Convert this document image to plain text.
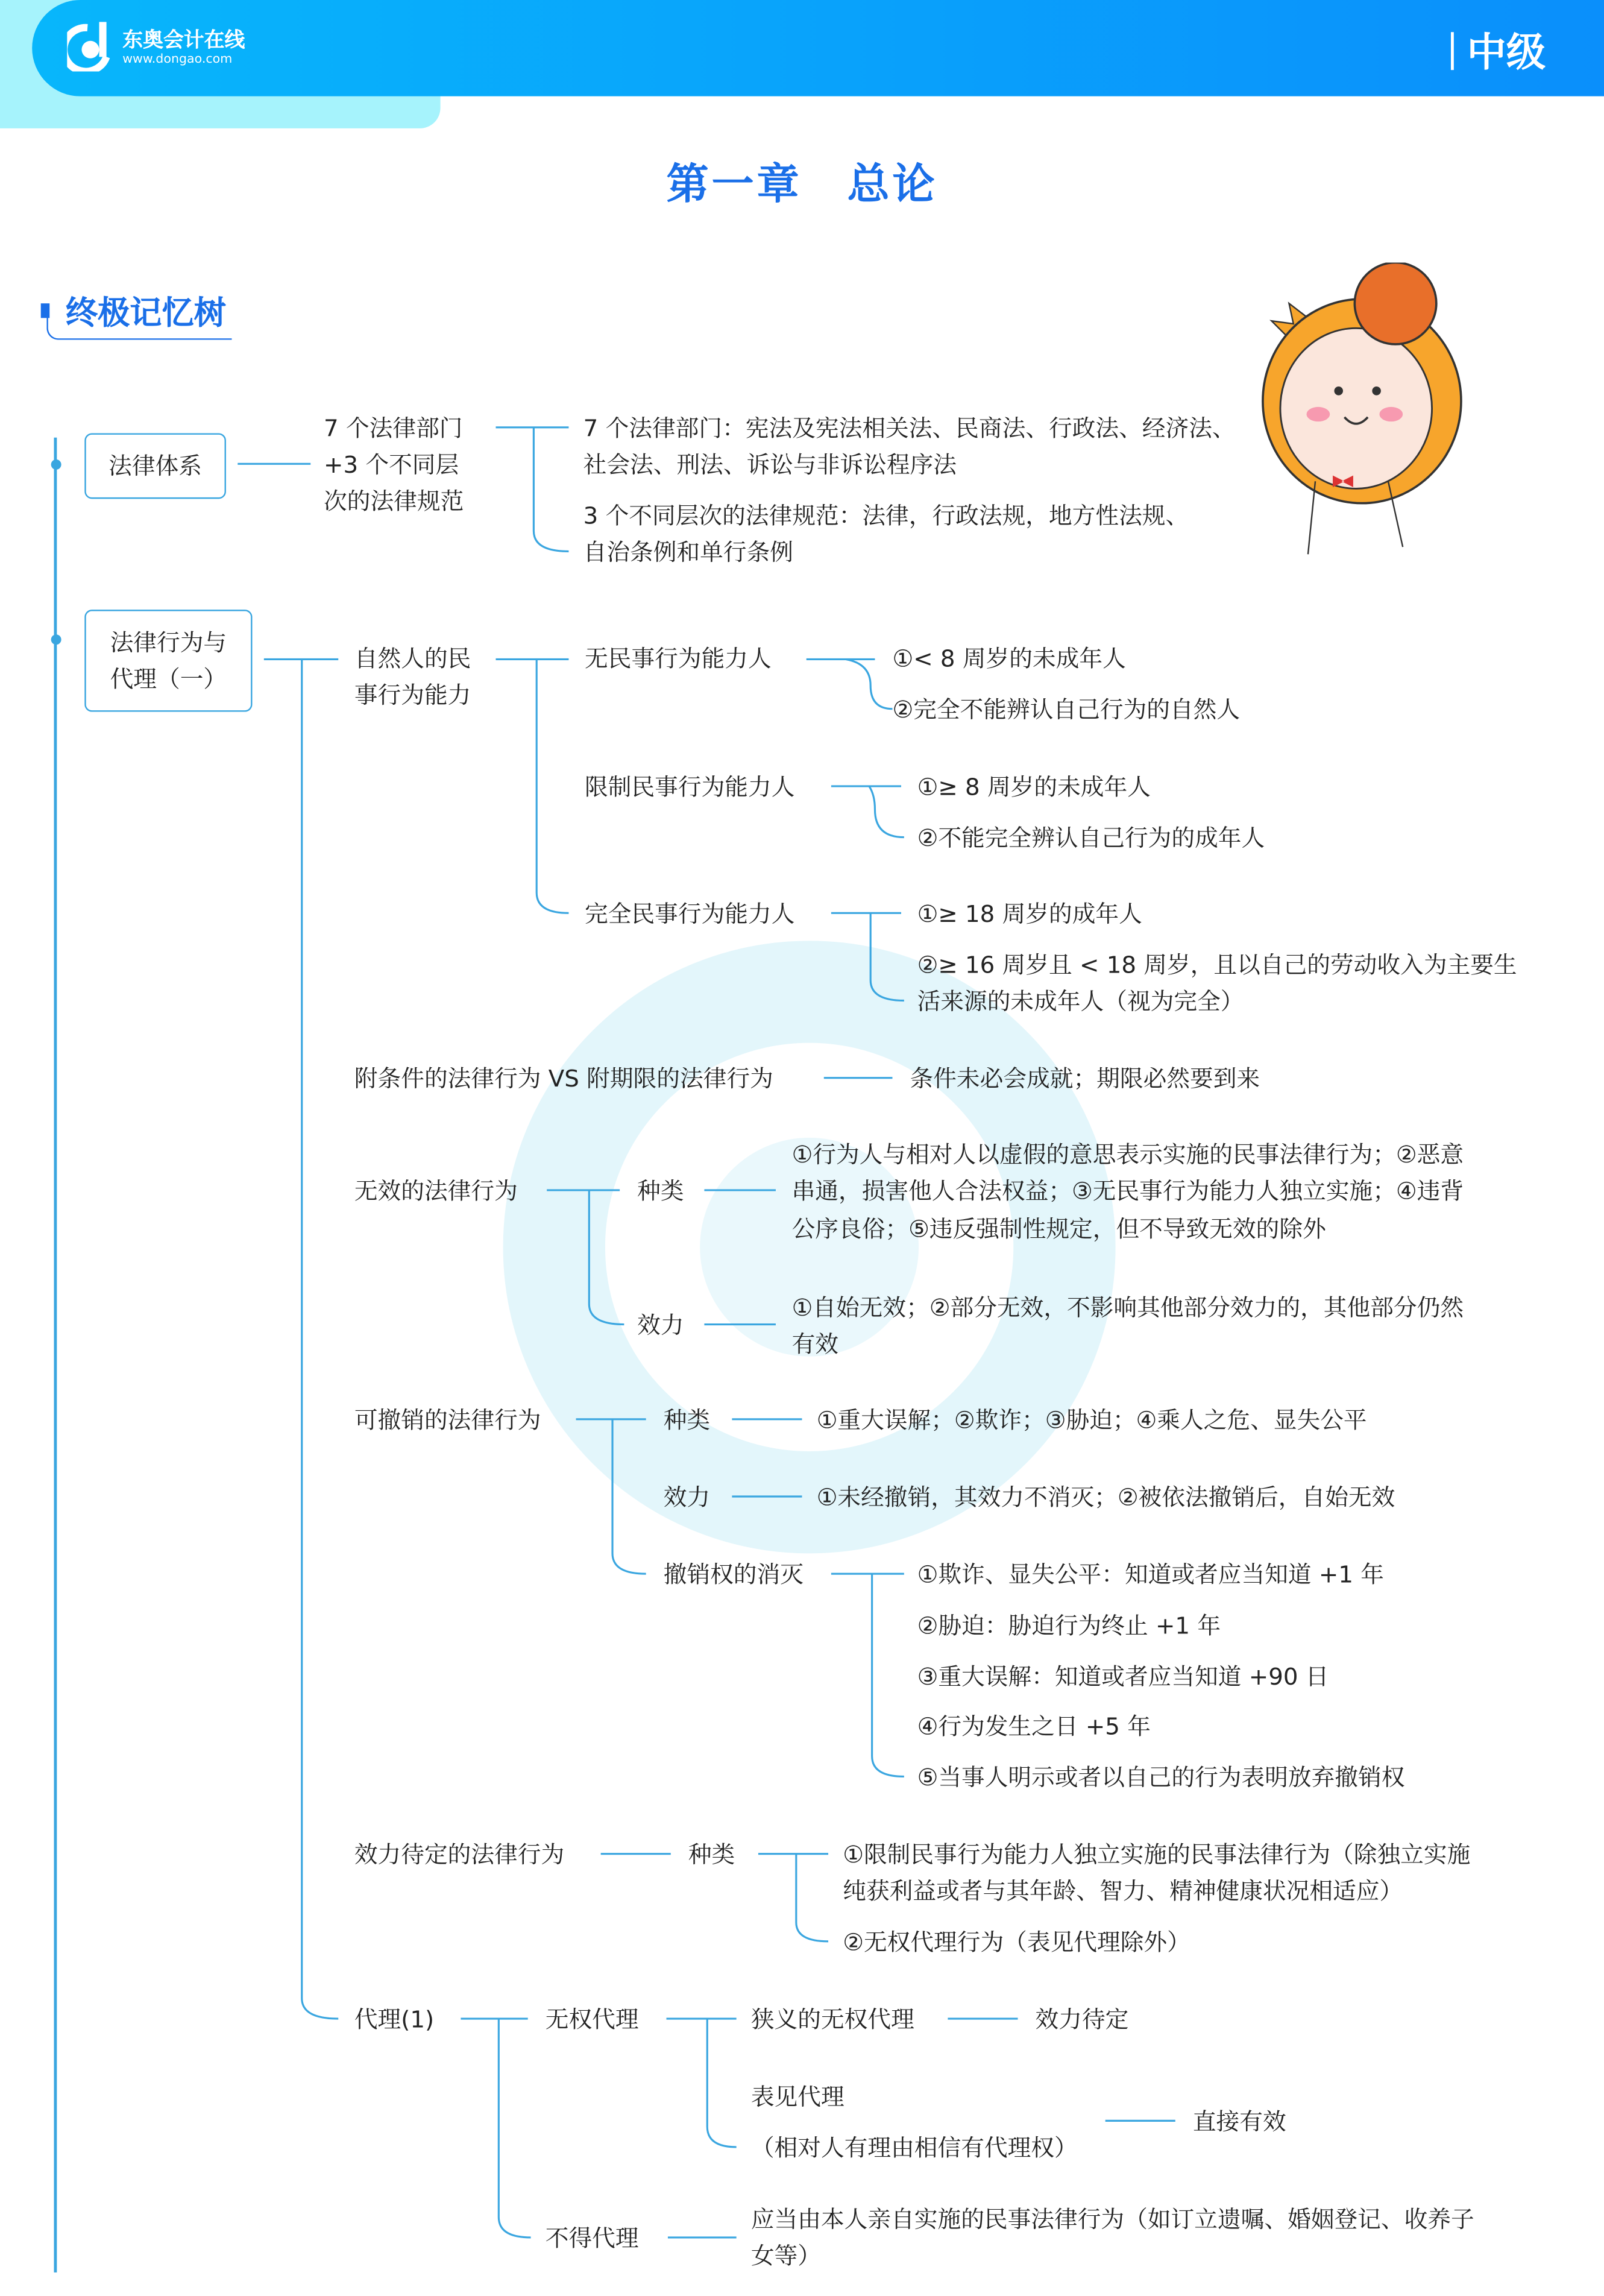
东奥会计在线
www.dongao.com	中级
第一章　总论
终极记忆树
法律体系
7 个法律部门
+3 个不同层
次的法律规范
7 个法律部门：宪法及宪法相关法、民商法、行政法、经济法、
社会法、刑法、诉讼与非诉讼程序法
3 个不同层次的法律规范：法律，行政法规，地方性法规、
自治条例和单行条例
法律行为与
代理（一）
自然人的民
事行为能力
无民事行为能力人	①< 8 周岁的未成年人
②完全不能辨认自己行为的自然人
限制民事行为能力人	①≥ 8 周岁的未成年人
②不能完全辨认自己行为的成年人
完全民事行为能力人	①≥ 18 周岁的成年人
②≥ 16 周岁且 < 18 周岁，且以自己的劳动收入为主要生
活来源的未成年人（视为完全）
附条件的法律行为 VS 附期限的法律行为	条件未必会成就；期限必然要到来
无效的法律行为	种类
①行为人与相对人以虚假的意思表示实施的民事法律行为；②恶意
串通，损害他人合法权益；③无民事行为能力人独立实施；④违背
公序良俗；⑤违反强制性规定，但不导致无效的除外
效力
①自始无效；②部分无效，不影响其他部分效力的，其他部分仍然
有效
可撤销的法律行为	种类	①重大误解；②欺诈；③胁迫；④乘人之危、显失公平
效力	①未经撤销，其效力不消灭；②被依法撤销后，自始无效
撤销权的消灭	①欺诈、显失公平：知道或者应当知道 +1 年
②胁迫：胁迫行为终止 +1 年
③重大误解：知道或者应当知道 +90 日
④行为发生之日 +5 年
⑤当事人明示或者以自己的行为表明放弃撤销权
效力待定的法律行为	种类	①限制民事行为能力人独立实施的民事法律行为（除独立实施
纯获利益或者与其年龄、智力、精神健康状况相适应）
②无权代理行为（表见代理除外）
代理(1)	无权代理	狭义的无权代理	效力待定
表见代理
（相对人有理由相信有代理权）
直接有效
不得代理
应当由本人亲自实施的民事法律行为（如订立遗嘱、婚姻登记、收养子
女等）
